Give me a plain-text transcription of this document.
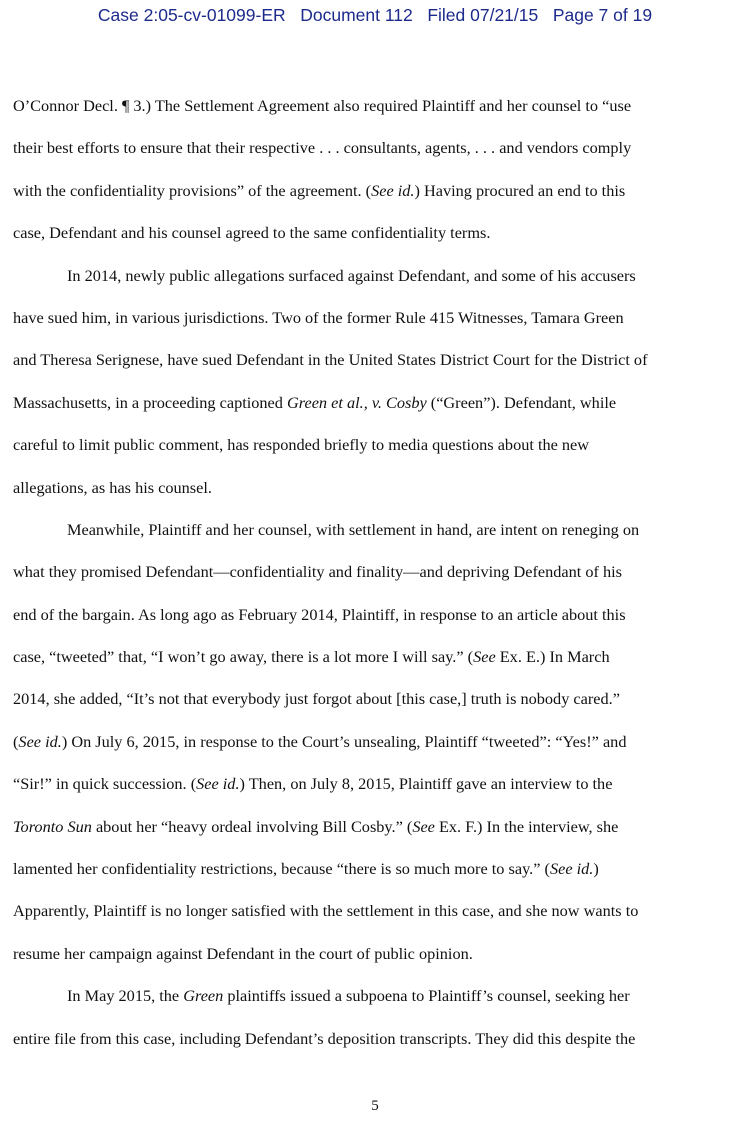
Case 2:05-cv-01099-ER   Document 112   Filed 07/21/15   Page 7 of 19
O’Connor Decl. ¶ 3.) The Settlement Agreement also required Plaintiff and her counsel to “use
their best efforts to ensure that their respective . . . consultants, agents, . . . and vendors comply
with the confidentiality provisions” of the agreement. (See id.) Having procured an end to this
case, Defendant and his counsel agreed to the same confidentiality terms.
In 2014, newly public allegations surfaced against Defendant, and some of his accusers
have sued him, in various jurisdictions. Two of the former Rule 415 Witnesses, Tamara Green
and Theresa Serignese, have sued Defendant in the United States District Court for the District of
Massachusetts, in a proceeding captioned Green et al., v. Cosby (“Green”). Defendant, while
careful to limit public comment, has responded briefly to media questions about the new
allegations, as has his counsel.
Meanwhile, Plaintiff and her counsel, with settlement in hand, are intent on reneging on
what they promised Defendant—confidentiality and finality—and depriving Defendant of his
end of the bargain. As long ago as February 2014, Plaintiff, in response to an article about this
case, “tweeted” that, “I won’t go away, there is a lot more I will say.” (See Ex. E.) In March
2014, she added, “It’s not that everybody just forgot about [this case,] truth is nobody cared.”
(See id.) On July 6, 2015, in response to the Court’s unsealing, Plaintiff “tweeted”: “Yes!” and
“Sir!” in quick succession. (See id.) Then, on July 8, 2015, Plaintiff gave an interview to the
Toronto Sun about her “heavy ordeal involving Bill Cosby.” (See Ex. F.) In the interview, she
lamented her confidentiality restrictions, because “there is so much more to say.” (See id.)
Apparently, Plaintiff is no longer satisfied with the settlement in this case, and she now wants to
resume her campaign against Defendant in the court of public opinion.
In May 2015, the Green plaintiffs issued a subpoena to Plaintiff’s counsel, seeking her
entire file from this case, including Defendant’s deposition transcripts. They did this despite the
5
